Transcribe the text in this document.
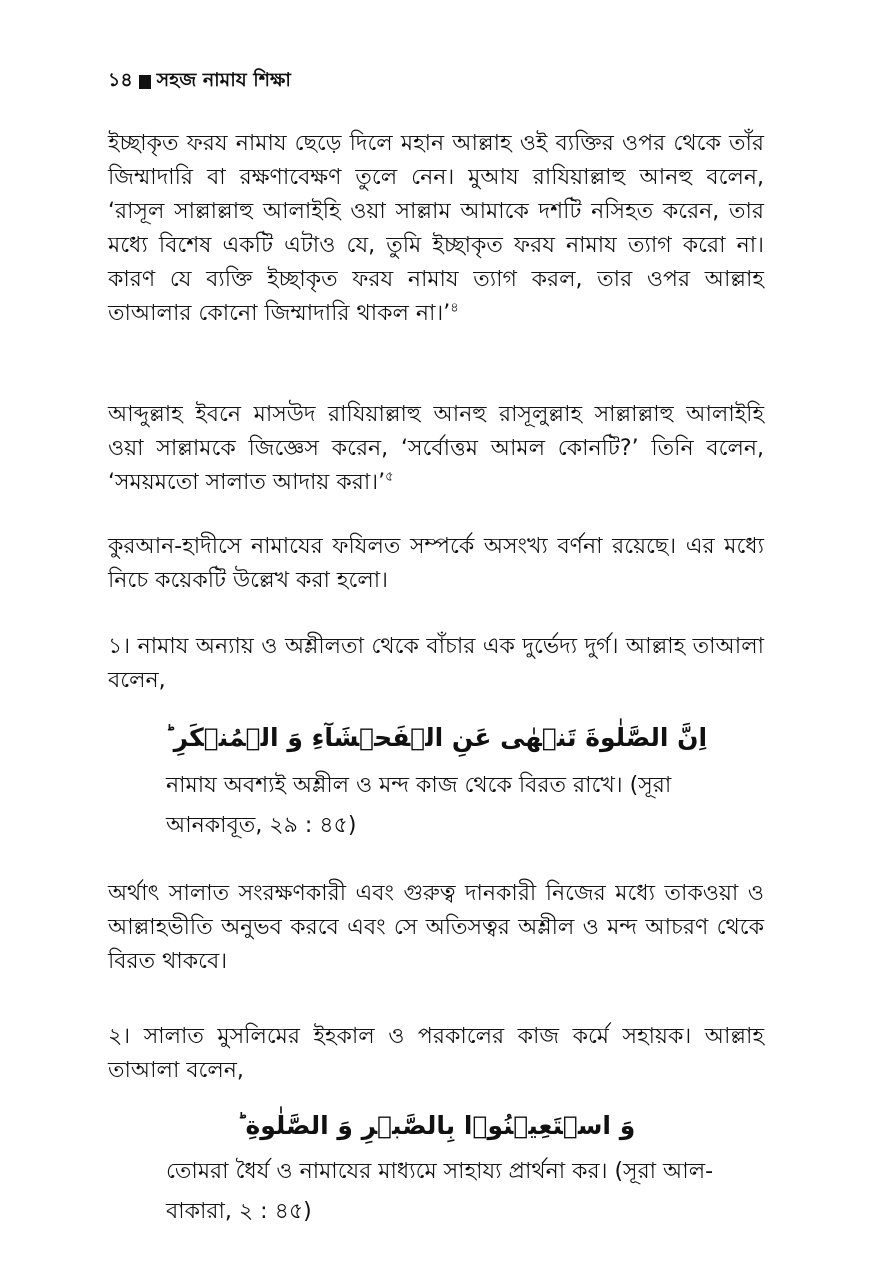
১৪ সহজ নামায শিক্ষা
ইচ্ছাকৃত ফরয নামায ছেড়ে দিলে মহান আল্লাহ ওই ব্যক্তির ওপর থেকে তাঁর জিম্মাদারি বা রক্ষণাবেক্ষণ তুলে নেন। মুআয রাযিয়াল্লাহু আনহু বলেন, ‘রাসূল সাল্লাল্লাহু আলাইহি ওয়া সাল্লাম আমাকে দশটি নসিহত করেন, তার মধ্যে বিশেষ একটি এটাও যে, তুমি ইচ্ছাকৃত ফরয নামায ত্যাগ করো না। কারণ যে ব্যক্তি ইচ্ছাকৃত ফরয নামায ত্যাগ করল, তার ওপর আল্লাহ তাআলার কোনো জিম্মাদারি থাকল না।’$^৪$
আব্দুল্লাহ ইবনে মাসউদ রাযিয়াল্লাহু আনহু রাসূলুল্লাহ সাল্লাল্লাহু আলাইহি ওয়া সাল্লামকে জিজ্ঞেস করেন, ‘সর্বোত্তম আমল কোনটি?’ তিনি বলেন, ‘সময়মতো সালাত আদায় করা।’$^৫$
কুরআন-হাদীসে নামাযের ফযিলত সম্পর্কে অসংখ্য বর্ণনা রয়েছে। এর মধ্যে নিচে কয়েকটি উল্লেখ করা হলো।
১। নামায অন্যায় ও অশ্লীলতা থেকে বাঁচার এক দুর্ভেদ্য দুর্গ। আল্লাহ তাআলা বলেন,
اِنَّ الصَّلٰوةَ تَنۡهٰى عَنِ الۡفَحۡشَآءِ وَ الۡمُنۡكَرِ ؕ
নামায অবশ্যই অশ্লীল ও মন্দ কাজ থেকে বিরত রাখে। (সূরা আনকাবূত, ২৯ : ৪৫)
অর্থাৎ সালাত সংরক্ষণকারী এবং গুরুত্ব দানকারী নিজের মধ্যে তাকওয়া ও আল্লাহভীতি অনুভব করবে এবং সে অতিসত্বর অশ্লীল ও মন্দ আচরণ থেকে বিরত থাকবে।
২। সালাত মুসলিমের ইহকাল ও পরকালের কাজ কর্মে সহায়ক। আল্লাহ তাআলা বলেন,
وَ اسۡتَعِيۡنُوۡا بِالصَّبۡرِ وَ الصَّلٰوةِ ؕ
তোমরা ধৈর্য ও নামাযের মাধ্যমে সাহায্য প্রার্থনা কর। (সূরা আল-বাকারা, ২ : ৪৫)
